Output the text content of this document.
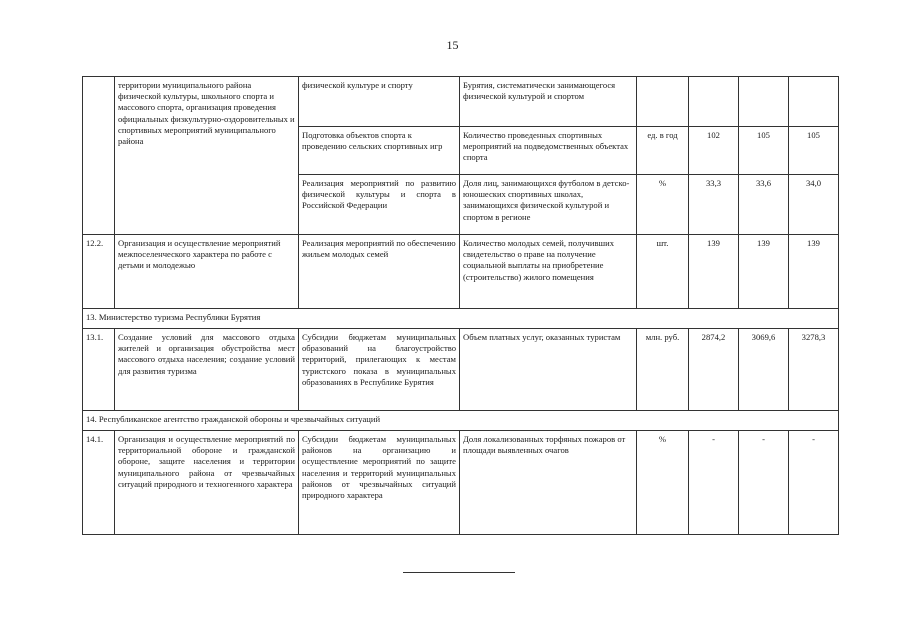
15
	территории муниципального района физической культуры, школьного спорта и массового спорта, организация проведения официальных физкультурно-оздоровительных и спортивных мероприятий муниципального района	физической культуре и спорту	Бурятия, систематически занимающегося физической культурой и спортом				
		Подготовка объектов спорта к проведению сельских спортивных игр	Количество проведенных спортивных мероприятий на подведомственных объектах спорта	ед. в год	102	105	105
		Реализация мероприятий по развитию физической культуры и спорта в Российской Федерации	Доля лиц, занимающихся футболом в детско-юношеских спортивных школах, занимающихся физической культурой и спортом в регионе	%	33,3	33,6	34,0
12.2.	Организация и осуществление мероприятий межпоселенческого характера по работе с детьми и молодежью	Реализация мероприятий по обеспечению жильем молодых семей	Количество молодых семей, получивших свидетельство о праве на получение социальной выплаты на приобретение (строительство) жилого помещения	шт.	139	139	139
13. Министерство туризма Республики Бурятия							
13.1.	Создание условий для массового отдыха жителей и организация обустройства мест массового отдыха населения; создание условий для развития туризма	Субсидии бюджетам муниципальных образований на благоустройство территорий, прилегающих к местам туристского показа в муниципальных образованиях в Республике Бурятия	Объем платных услуг, оказанных туристам	млн. руб.	2874,2	3069,6	3278,3
14. Республиканское агентство гражданской обороны и чрезвычайных ситуаций							
14.1.	Организация и осуществление мероприятий по территориальной обороне и гражданской обороне, защите населения и территории муниципального района от чрезвычайных ситуаций природного и техногенного характера	Субсидии бюджетам муниципальных районов на организацию и осуществление мероприятий по защите населения и территорий муниципальных районов от чрезвычайных ситуаций природного характера	Доля локализованных торфяных пожаров от площади выявленных очагов	%	-	-	-
